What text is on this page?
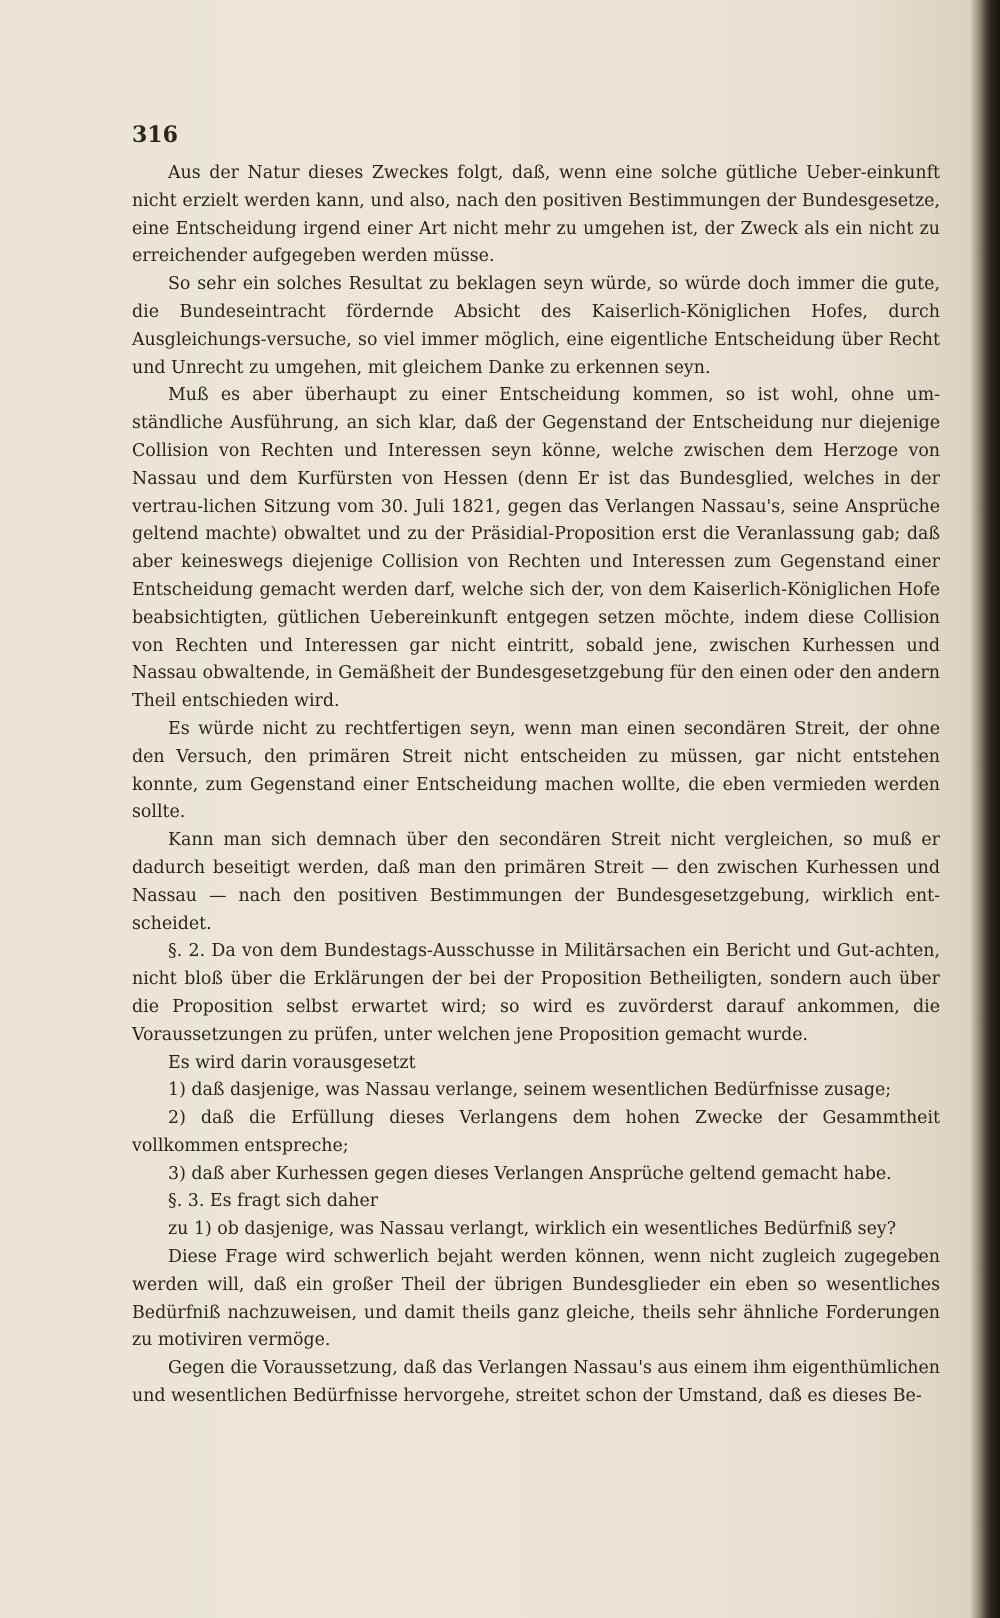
316

Aus der Natur dieses Zweckes folgt, daß, wenn eine solche gütliche Ueber-einkunft nicht erzielt werden kann, und also, nach den positiven Bestimmungen der Bundesgesetze, eine Entscheidung irgend einer Art nicht mehr zu umgehen ist, der Zweck als ein nicht zu erreichender aufgegeben werden müsse.

So sehr ein solches Resultat zu beklagen seyn würde, so würde doch immer die gute, die Bundeseintracht fördernde Absicht des Kaiserlich-Königlichen Hofes, durch Ausgleichungs-versuche, so viel immer möglich, eine eigentliche Entscheidung über Recht und Unrecht zu umgehen, mit gleichem Danke zu erkennen seyn.

Muß es aber überhaupt zu einer Entscheidung kommen, so ist wohl, ohne um-ständliche Ausführung, an sich klar, daß der Gegenstand der Entscheidung nur diejenige Collision von Rechten und Interessen seyn könne, welche zwischen dem Herzoge von Nassau und dem Kurfürsten von Hessen (denn Er ist das Bundesglied, welches in der vertrau-lichen Sitzung vom 30. Juli 1821, gegen das Verlangen Nassau's, seine Ansprüche geltend machte) obwaltet und zu der Präsidial-Proposition erst die Veranlassung gab; daß aber keineswegs diejenige Collision von Rechten und Interessen zum Gegenstand einer Entscheidung gemacht werden darf, welche sich der, von dem Kaiserlich-Königlichen Hofe beabsichtigten, gütlichen Uebereinkunft entgegen setzen möchte, indem diese Collision von Rechten und Interessen gar nicht eintritt, sobald jene, zwischen Kurhessen und Nassau obwaltende, in Gemäßheit der Bundesgesetzgebung für den einen oder den andern Theil entschieden wird.

Es würde nicht zu rechtfertigen seyn, wenn man einen secondären Streit, der ohne den Versuch, den primären Streit nicht entscheiden zu müssen, gar nicht entstehen konnte, zum Gegenstand einer Entscheidung machen wollte, die eben vermieden werden sollte.

Kann man sich demnach über den secondären Streit nicht vergleichen, so muß er dadurch beseitigt werden, daß man den primären Streit — den zwischen Kurhessen und Nassau — nach den positiven Bestimmungen der Bundesgesetzgebung, wirklich ent-scheidet.

§. 2. Da von dem Bundestags-Ausschusse in Militärsachen ein Bericht und Gut-achten, nicht bloß über die Erklärungen der bei der Proposition Betheiligten, sondern auch über die Proposition selbst erwartet wird; so wird es zuvörderst darauf ankommen, die Voraussetzungen zu prüfen, unter welchen jene Proposition gemacht wurde.

Es wird darin vorausgesetzt

1) daß dasjenige, was Nassau verlange, seinem wesentlichen Bedürfnisse zusage;

2) daß die Erfüllung dieses Verlangens dem hohen Zwecke der Gesammtheit vollkommen entspreche;

3) daß aber Kurhessen gegen dieses Verlangen Ansprüche geltend gemacht habe.

§. 3. Es fragt sich daher

zu 1) ob dasjenige, was Nassau verlangt, wirklich ein wesentliches Bedürfniß sey?

Diese Frage wird schwerlich bejaht werden können, wenn nicht zugleich zugegeben werden will, daß ein großer Theil der übrigen Bundesglieder ein eben so wesentliches Bedürfniß nachzuweisen, und damit theils ganz gleiche, theils sehr ähnliche Forderungen zu motiviren vermöge.

Gegen die Voraussetzung, daß das Verlangen Nassau's aus einem ihm eigenthümlichen und wesentlichen Bedürfnisse hervorgehe, streitet schon der Umstand, daß es dieses Be-
